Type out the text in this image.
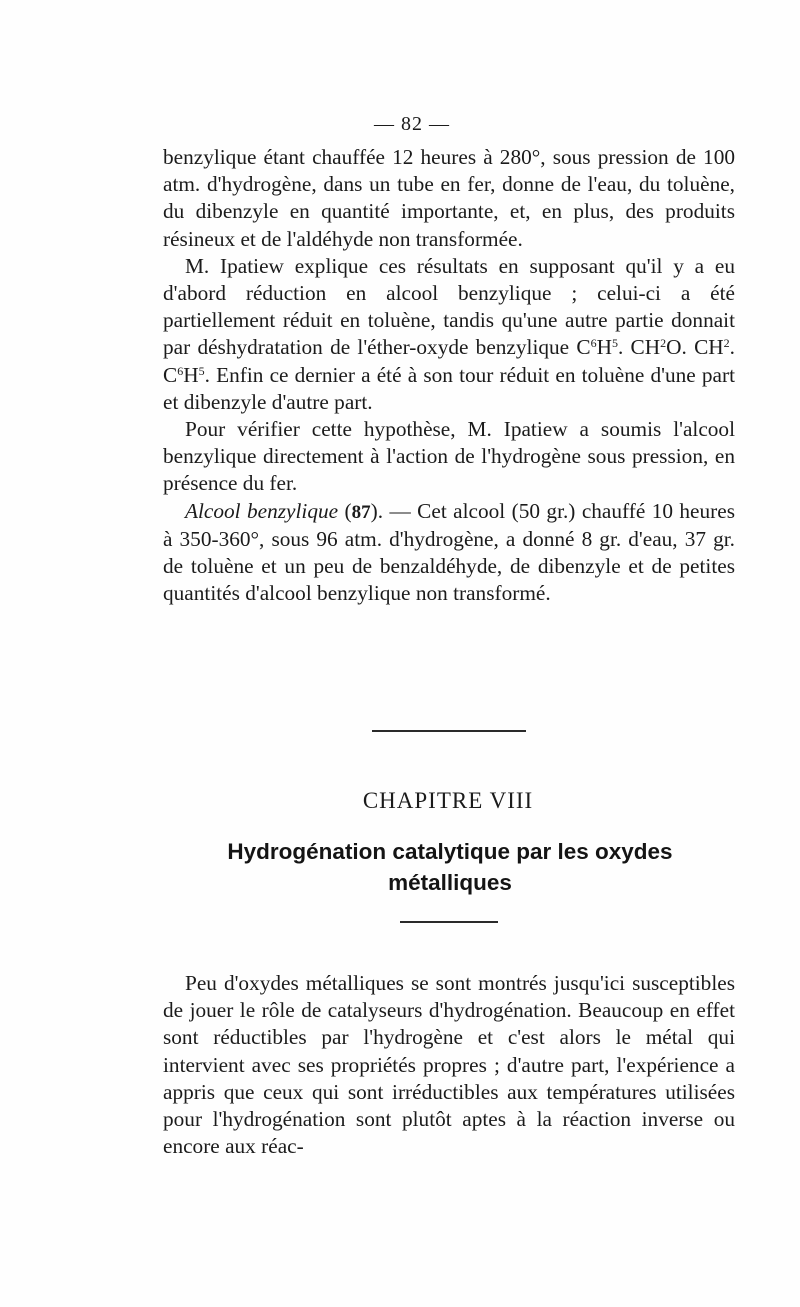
— 82 —

benzylique étant chauffée 12 heures à 280°, sous pression de 100 atm. d'hydrogène, dans un tube en fer, donne de l'eau, du toluène, du dibenzyle en quantité importante, et, en plus, des produits résineux et de l'aldéhyde non transformée.

M. Ipatiew explique ces résultats en supposant qu'il y a eu d'abord réduction en alcool benzylique ; celui-ci a été partiellement réduit en toluène, tandis qu'une autre partie donnait par déshydratation de l'éther-oxyde benzylique $C^6H^5$. $CH^2O$. $CH^2$. $C^6H^5$. Enfin ce dernier a été à son tour réduit en toluène d'une part et dibenzyle d'autre part.

Pour vérifier cette hypothèse, M. Ipatiew a soumis l'alcool benzylique directement à l'action de l'hydrogène sous pression, en présence du fer.

Alcool benzylique (87). — Cet alcool (50 gr.) chauffé 10 heures à 350-360°, sous 96 atm. d'hydrogène, a donné 8 gr. d'eau, 37 gr. de toluène et un peu de benzaldéhyde, de dibenzyle et de petites quantités d'alcool benzylique non transformé.

CHAPITRE VIII
Hydrogénation catalytique par les oxydes
métalliques

Peu d'oxydes métalliques se sont montrés jusqu'ici susceptibles de jouer le rôle de catalyseurs d'hydrogénation. Beaucoup en effet sont réductibles par l'hydrogène et c'est alors le métal qui intervient avec ses propriétés propres ; d'autre part, l'expérience a appris que ceux qui sont irréductibles aux températures utilisées pour l'hydrogénation sont plutôt aptes à la réaction inverse ou encore aux réac-
